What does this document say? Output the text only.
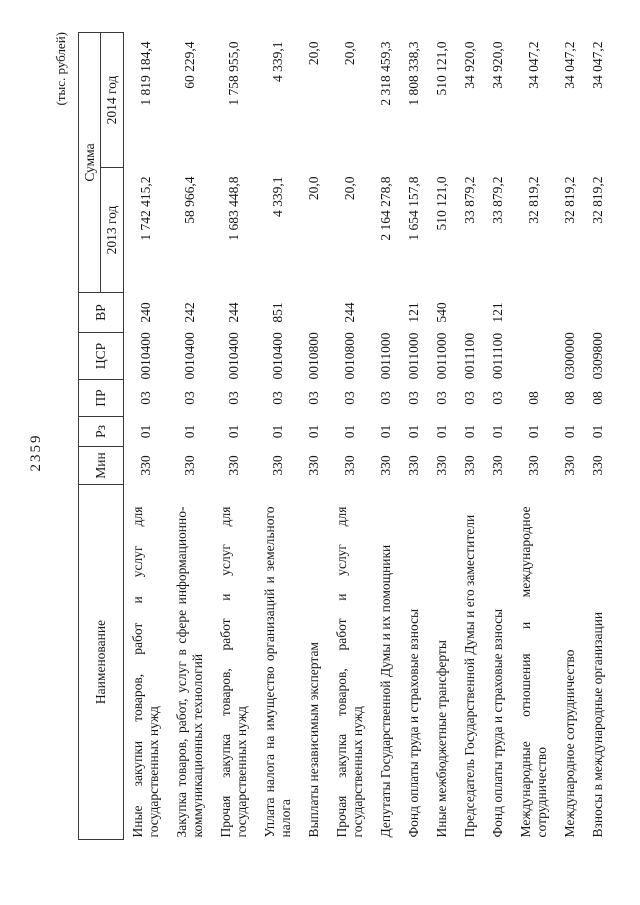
2359
(тыс. рублей)
Наименование	Мин	Рз	ПР	ЦСР	ВР	Сумма	
						2013 год	2014 год
Иные закупки товаров, работ и услуг для государственных нужд	330	01	03	0010400	240	1 742 415,2	1 819 184,4
Закупка товаров, работ, услуг в сфере информационно-коммуникационных технологий	330	01	03	0010400	242	58 966,4	60 229,4
Прочая закупка товаров, работ и услуг для государственных нужд	330	01	03	0010400	244	1 683 448,8	1 758 955,0
Уплата налога на имущество организаций и земельного налога	330	01	03	0010400	851	4 339,1	4 339,1
Выплаты независимым экспертам	330	01	03	0010800		20,0	20,0
Прочая закупка товаров, работ и услуг для государственных нужд	330	01	03	0010800	244	20,0	20,0
Депутаты Государственной Думы и их помощники	330	01	03	0011000		2 164 278,8	2 318 459,3
Фонд оплаты труда и страховые взносы	330	01	03	0011000	121	1 654 157,8	1 808 338,3
Иные межбюджетные трансферты	330	01	03	0011000	540	510 121,0	510 121,0
Председатель Государственной Думы и его заместители	330	01	03	0011100		33 879,2	34 920,0
Фонд оплаты труда и страховые взносы	330	01	03	0011100	121	33 879,2	34 920,0
Международные отношения и международное сотрудничество	330	01	08			32 819,2	34 047,2
Международное сотрудничество	330	01	08	0300000		32 819,2	34 047,2
Взносы в международные организации	330	01	08	0309800		32 819,2	34 047,2
